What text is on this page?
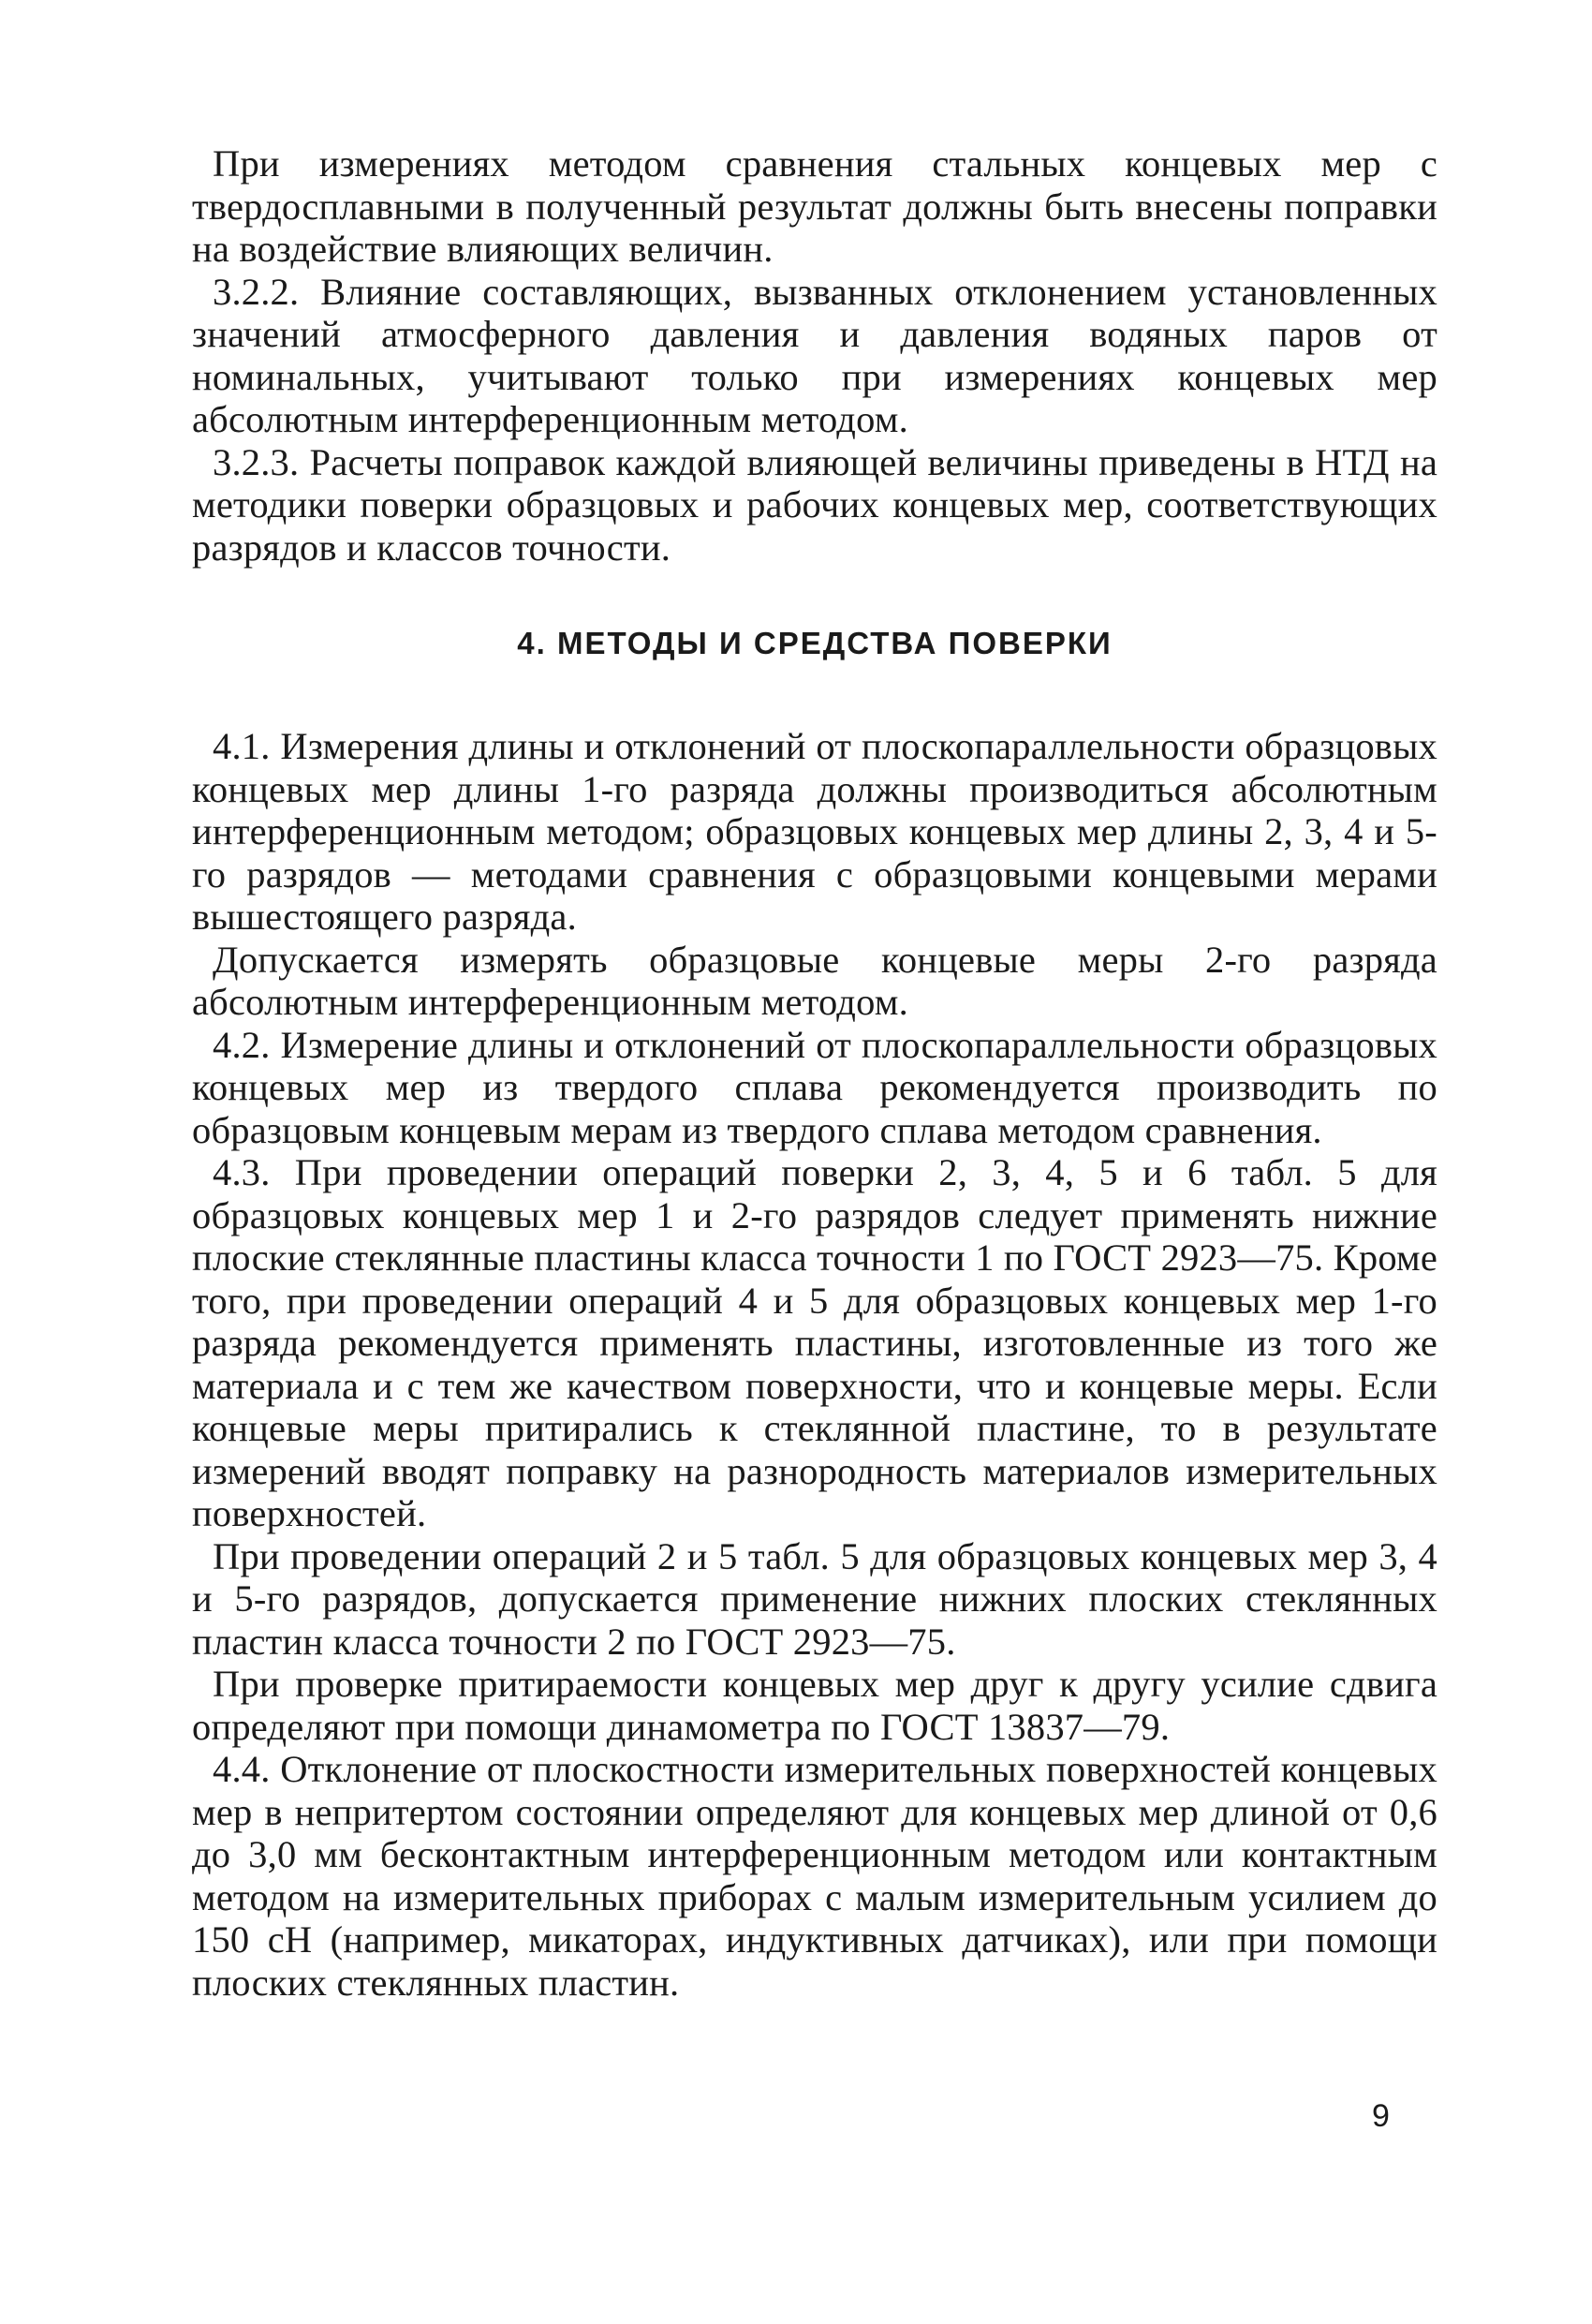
При измерениях методом сравнения стальных концевых мер с твердосплавными в полученный результат должны быть внесены поправки на воздействие влияющих величин.

3.2.2. Влияние составляющих, вызванных отклонением установленных значений атмосферного давления и давления водяных паров от номинальных, учитывают только при измерениях концевых мер абсолютным интерференционным методом.

3.2.3. Расчеты поправок каждой влияющей величины приведены в НТД на методики поверки образцовых и рабочих концевых мер, соответствующих разрядов и классов точности.

4. МЕТОДЫ И СРЕДСТВА ПОВЕРКИ

4.1. Измерения длины и отклонений от плоскопараллельности образцовых концевых мер длины 1-го разряда должны производиться абсолютным интерференционным методом; образцовых концевых мер длины 2, 3, 4 и 5-го разрядов — методами сравнения с образцовыми концевыми мерами вышестоящего разряда.

Допускается измерять образцовые концевые меры 2-го разряда абсолютным интерференционным методом.

4.2. Измерение длины и отклонений от плоскопараллельности образцовых концевых мер из твердого сплава рекомендуется производить по образцовым концевым мерам из твердого сплава методом сравнения.

4.3. При проведении операций поверки 2, 3, 4, 5 и 6 табл. 5 для образцовых концевых мер 1 и 2-го разрядов следует применять нижние плоские стеклянные пластины класса точности 1 по ГОСТ 2923—75. Кроме того, при проведении операций 4 и 5 для образцовых концевых мер 1-го разряда рекомендуется применять пластины, изготовленные из того же материала и с тем же качеством поверхности, что и концевые меры. Если концевые меры притирались к стеклянной пластине, то в результате измерений вводят поправку на разнородность материалов измерительных поверхностей.

При проведении операций 2 и 5 табл. 5 для образцовых концевых мер 3, 4 и 5-го разрядов, допускается применение нижних плоских стеклянных пластин класса точности 2 по ГОСТ 2923—75.

При проверке притираемости концевых мер друг к другу усилие сдвига определяют при помощи динамометра по ГОСТ 13837—79.

4.4. Отклонение от плоскостности измерительных поверхностей концевых мер в непритертом состоянии определяют для концевых мер длиной от 0,6 до 3,0 мм бесконтактным интерференционным методом или контактным методом на измерительных приборах с малым измерительным усилием до 150 сН (например, микаторах, индуктивных датчиках), или при помощи плоских стеклянных пластин.

9
